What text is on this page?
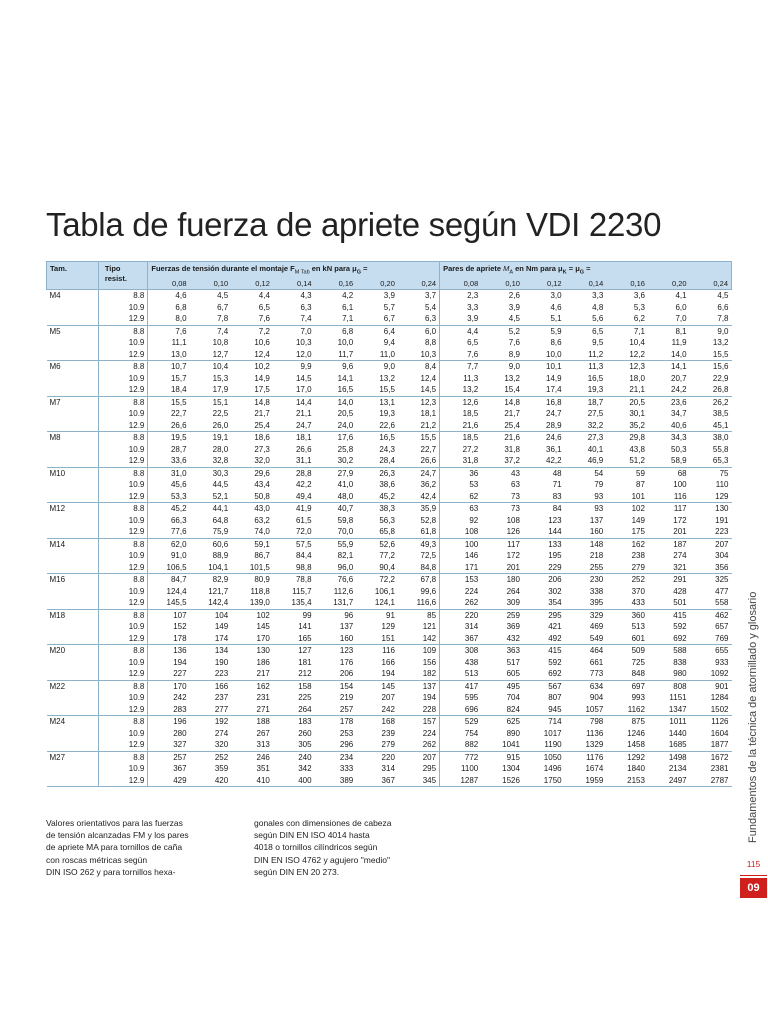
Tabla de fuerza de apriete según VDI 2230
Tam.	Tipo resist.	Fuerzas de tensión durante el montaje $F_{M Tab}$ en kN para $\mu_G$ =							Pares de apriete $M_A$ en Nm para $\mu_K = \mu_G$ =						
		0,08	0,10	0,12	0,14	0,16	0,20	0,24	0,08	0,10	0,12	0,14	0,16	0,20	0,24
M4	8.8	4,6	4,5	4,4	4,3	4,2	3,9	3,7	2,3	2,6	3,0	3,3	3,6	4,1	4,5
	10.9	6,8	6,7	6,5	6,3	6,1	5,7	5,4	3,3	3,9	4,6	4,8	5,3	6,0	6,6
	12.9	8,0	7,8	7,6	7,4	7,1	6,7	6,3	3,9	4,5	5,1	5,6	6,2	7,0	7,8
M5	8.8	7,6	7,4	7,2	7,0	6,8	6,4	6,0	4,4	5,2	5,9	6,5	7,1	8,1	9,0
	10.9	11,1	10,8	10,6	10,3	10,0	9,4	8,8	6,5	7,6	8,6	9,5	10,4	11,9	13,2
	12.9	13,0	12,7	12,4	12,0	11,7	11,0	10,3	7,6	8,9	10,0	11,2	12,2	14,0	15,5
M6	8.8	10,7	10,4	10,2	9,9	9,6	9,0	8,4	7,7	9,0	10,1	11,3	12,3	14,1	15,6
	10.9	15,7	15,3	14,9	14,5	14,1	13,2	12,4	11,3	13,2	14,9	16,5	18,0	20,7	22,9
	12.9	18,4	17,9	17,5	17,0	16,5	15,5	14,5	13,2	15,4	17,4	19,3	21,1	24,2	26,8
M7	8.8	15,5	15,1	14,8	14,4	14,0	13,1	12,3	12,6	14,8	16,8	18,7	20,5	23,6	26,2
	10.9	22,7	22,5	21,7	21,1	20,5	19,3	18,1	18,5	21,7	24,7	27,5	30,1	34,7	38,5
	12.9	26,6	26,0	25,4	24,7	24,0	22,6	21,2	21,6	25,4	28,9	32,2	35,2	40,6	45,1
M8	8.8	19,5	19,1	18,6	18,1	17,6	16,5	15,5	18,5	21,6	24,6	27,3	29,8	34,3	38,0
	10.9	28,7	28,0	27,3	26,6	25,8	24,3	22,7	27,2	31,8	36,1	40,1	43,8	50,3	55,8
	12.9	33,6	32,8	32,0	31,1	30,2	28,4	26,6	31,8	37,2	42,2	46,9	51,2	58,9	65,3
M10	8.8	31,0	30,3	29,6	28,8	27,9	26,3	24,7	36	43	48	54	59	68	75
	10.9	45,6	44,5	43,4	42,2	41,0	38,6	36,2	53	63	71	79	87	100	110
	12.9	53,3	52,1	50,8	49,4	48,0	45,2	42,4	62	73	83	93	101	116	129
M12	8.8	45,2	44,1	43,0	41,9	40,7	38,3	35,9	63	73	84	93	102	117	130
	10.9	66,3	64,8	63,2	61,5	59,8	56,3	52,8	92	108	123	137	149	172	191
	12.9	77,6	75,9	74,0	72,0	70,0	65,8	61,8	108	126	144	160	175	201	223
M14	8.8	62,0	60,6	59,1	57,5	55,9	52,6	49,3	100	117	133	148	162	187	207
	10.9	91,0	88,9	86,7	84,4	82,1	77,2	72,5	146	172	195	218	238	274	304
	12.9	106,5	104,1	101,5	98,8	96,0	90,4	84,8	171	201	229	255	279	321	356
M16	8.8	84,7	82,9	80,9	78,8	76,6	72,2	67,8	153	180	206	230	252	291	325
	10.9	124,4	121,7	118,8	115,7	112,6	106,1	99,6	224	264	302	338	370	428	477
	12.9	145,5	142,4	139,0	135,4	131,7	124,1	116,6	262	309	354	395	433	501	558
M18	8.8	107	104	102	99	96	91	85	220	259	295	329	360	415	462
	10.9	152	149	145	141	137	129	121	314	369	421	469	513	592	657
	12.9	178	174	170	165	160	151	142	367	432	492	549	601	692	769
M20	8.8	136	134	130	127	123	116	109	308	363	415	464	509	588	655
	10.9	194	190	186	181	176	166	156	438	517	592	661	725	838	933
	12.9	227	223	217	212	206	194	182	513	605	692	773	848	980	1092
M22	8.8	170	166	162	158	154	145	137	417	495	567	634	697	808	901
	10.9	242	237	231	225	219	207	194	595	704	807	904	993	1151	1284
	12.9	283	277	271	264	257	242	228	696	824	945	1057	1162	1347	1502
M24	8.8	196	192	188	183	178	168	157	529	625	714	798	875	1011	1126
	10.9	280	274	267	260	253	239	224	754	890	1017	1136	1246	1440	1604
	12.9	327	320	313	305	296	279	262	882	1041	1190	1329	1458	1685	1877
M27	8.8	257	252	246	240	234	220	207	772	915	1050	1176	1292	1498	1672
	10.9	367	359	351	342	333	314	295	1100	1304	1496	1674	1840	2134	2381
	12.9	429	420	410	400	389	367	345	1287	1526	1750	1959	2153	2497	2787

Valores orientativos para las fuerzas

de tensión alcanzadas FM y los pares

de apriete MA para tornillos de caña

con roscas métricas según

DIN ISO 262 y para tornillos hexa-

gonales con dimensiones de cabeza

según DIN EN ISO 4014 hasta

4018 o tornillos cilíndricos según

DIN EN ISO 4762 y agujero "medio"

según DIN EN 20 273.

Fundamentos de la técnica de atornillado y glosario
115
09
